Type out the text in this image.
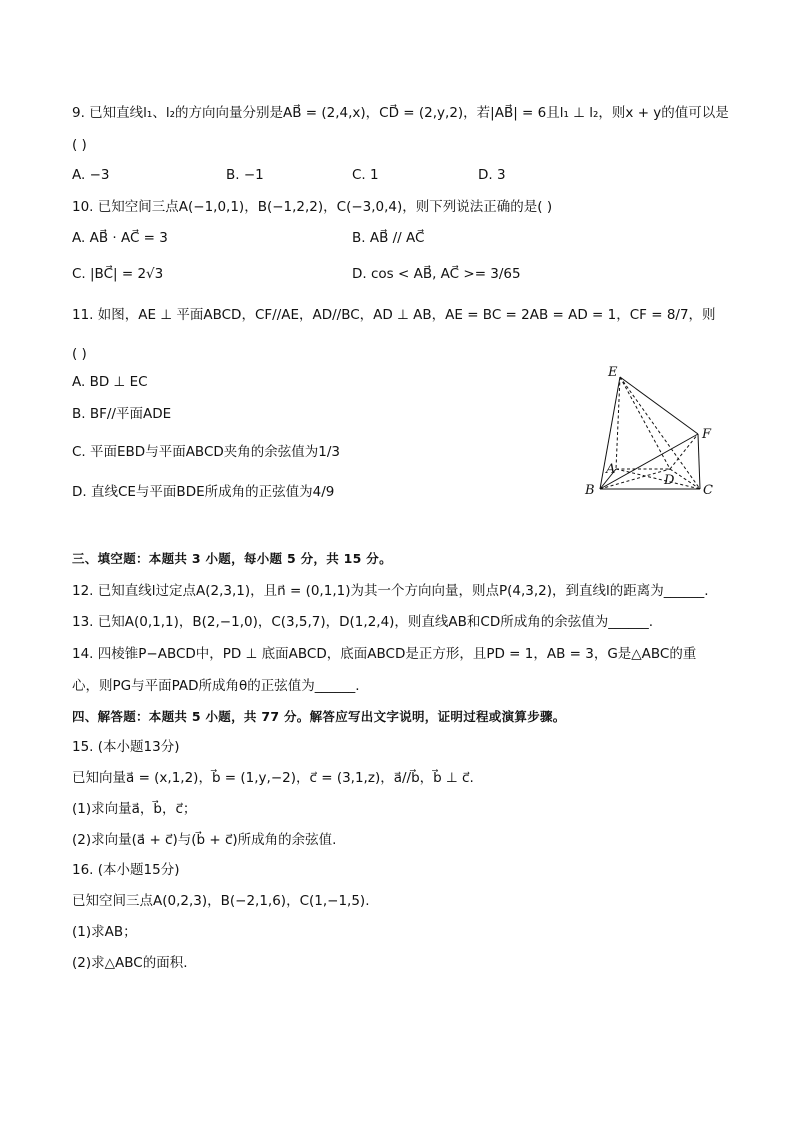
9. 已知直线l₁、l₂的方向向量分别是AB⃗ = (2,4,x)，CD⃗ = (2,y,2)，若|AB⃗| = 6且l₁ ⊥ l₂，则x + y的值可以是
( )
A. −3	B. −1	C. 1	D. 3
10. 已知空间三点A(−1,0,1)，B(−1,2,2)，C(−3,0,4)，则下列说法正确的是( )
A. AB⃗ · AC⃗ = 3	B. AB⃗ // AC⃗
C. |BC⃗| = 2√3	D. cos < AB⃗, AC⃗ >= 3/65
11. 如图，AE ⊥ 平面ABCD，CF//AE，AD//BC，AD ⊥ AB，AE = BC = 2AB = AD = 1，CF = 8/7，则
( )
A. BD ⊥ EC
B. BF//平面ADE
C. 平面EBD与平面ABCD夹角的余弦值为1/3
D. 直线CE与平面BDE所成角的正弦值为4/9
E
F
A
D
B	C
三、填空题：本题共 3 小题，每小题 5 分，共 15 分。
12. 已知直线l过定点A(2,3,1)，且n⃗ = (0,1,1)为其一个方向向量，则点P(4,3,2)，到直线l的距离为______.
13. 已知A(0,1,1)，B(2,−1,0)，C(3,5,7)，D(1,2,4)，则直线AB和CD所成角的余弦值为______.
14. 四棱锥P−ABCD中，PD ⊥ 底面ABCD，底面ABCD是正方形，且PD = 1，AB = 3，G是△ABC的重
心，则PG与平面PAD所成角θ的正弦值为______.
四、解答题：本题共 5 小题，共 77 分。解答应写出文字说明，证明过程或演算步骤。
15. (本小题13分)
已知向量a⃗ = (x,1,2)，b⃗ = (1,y,−2)，c⃗ = (3,1,z)，a⃗//b⃗，b⃗ ⊥ c⃗.
(1)求向量a⃗，b⃗，c⃗；
(2)求向量(a⃗ + c⃗)与(b⃗ + c⃗)所成角的余弦值.
16. (本小题15分)
已知空间三点A(0,2,3)，B(−2,1,6)，C(1,−1,5).
(1)求AB；
(2)求△ABC的面积.
